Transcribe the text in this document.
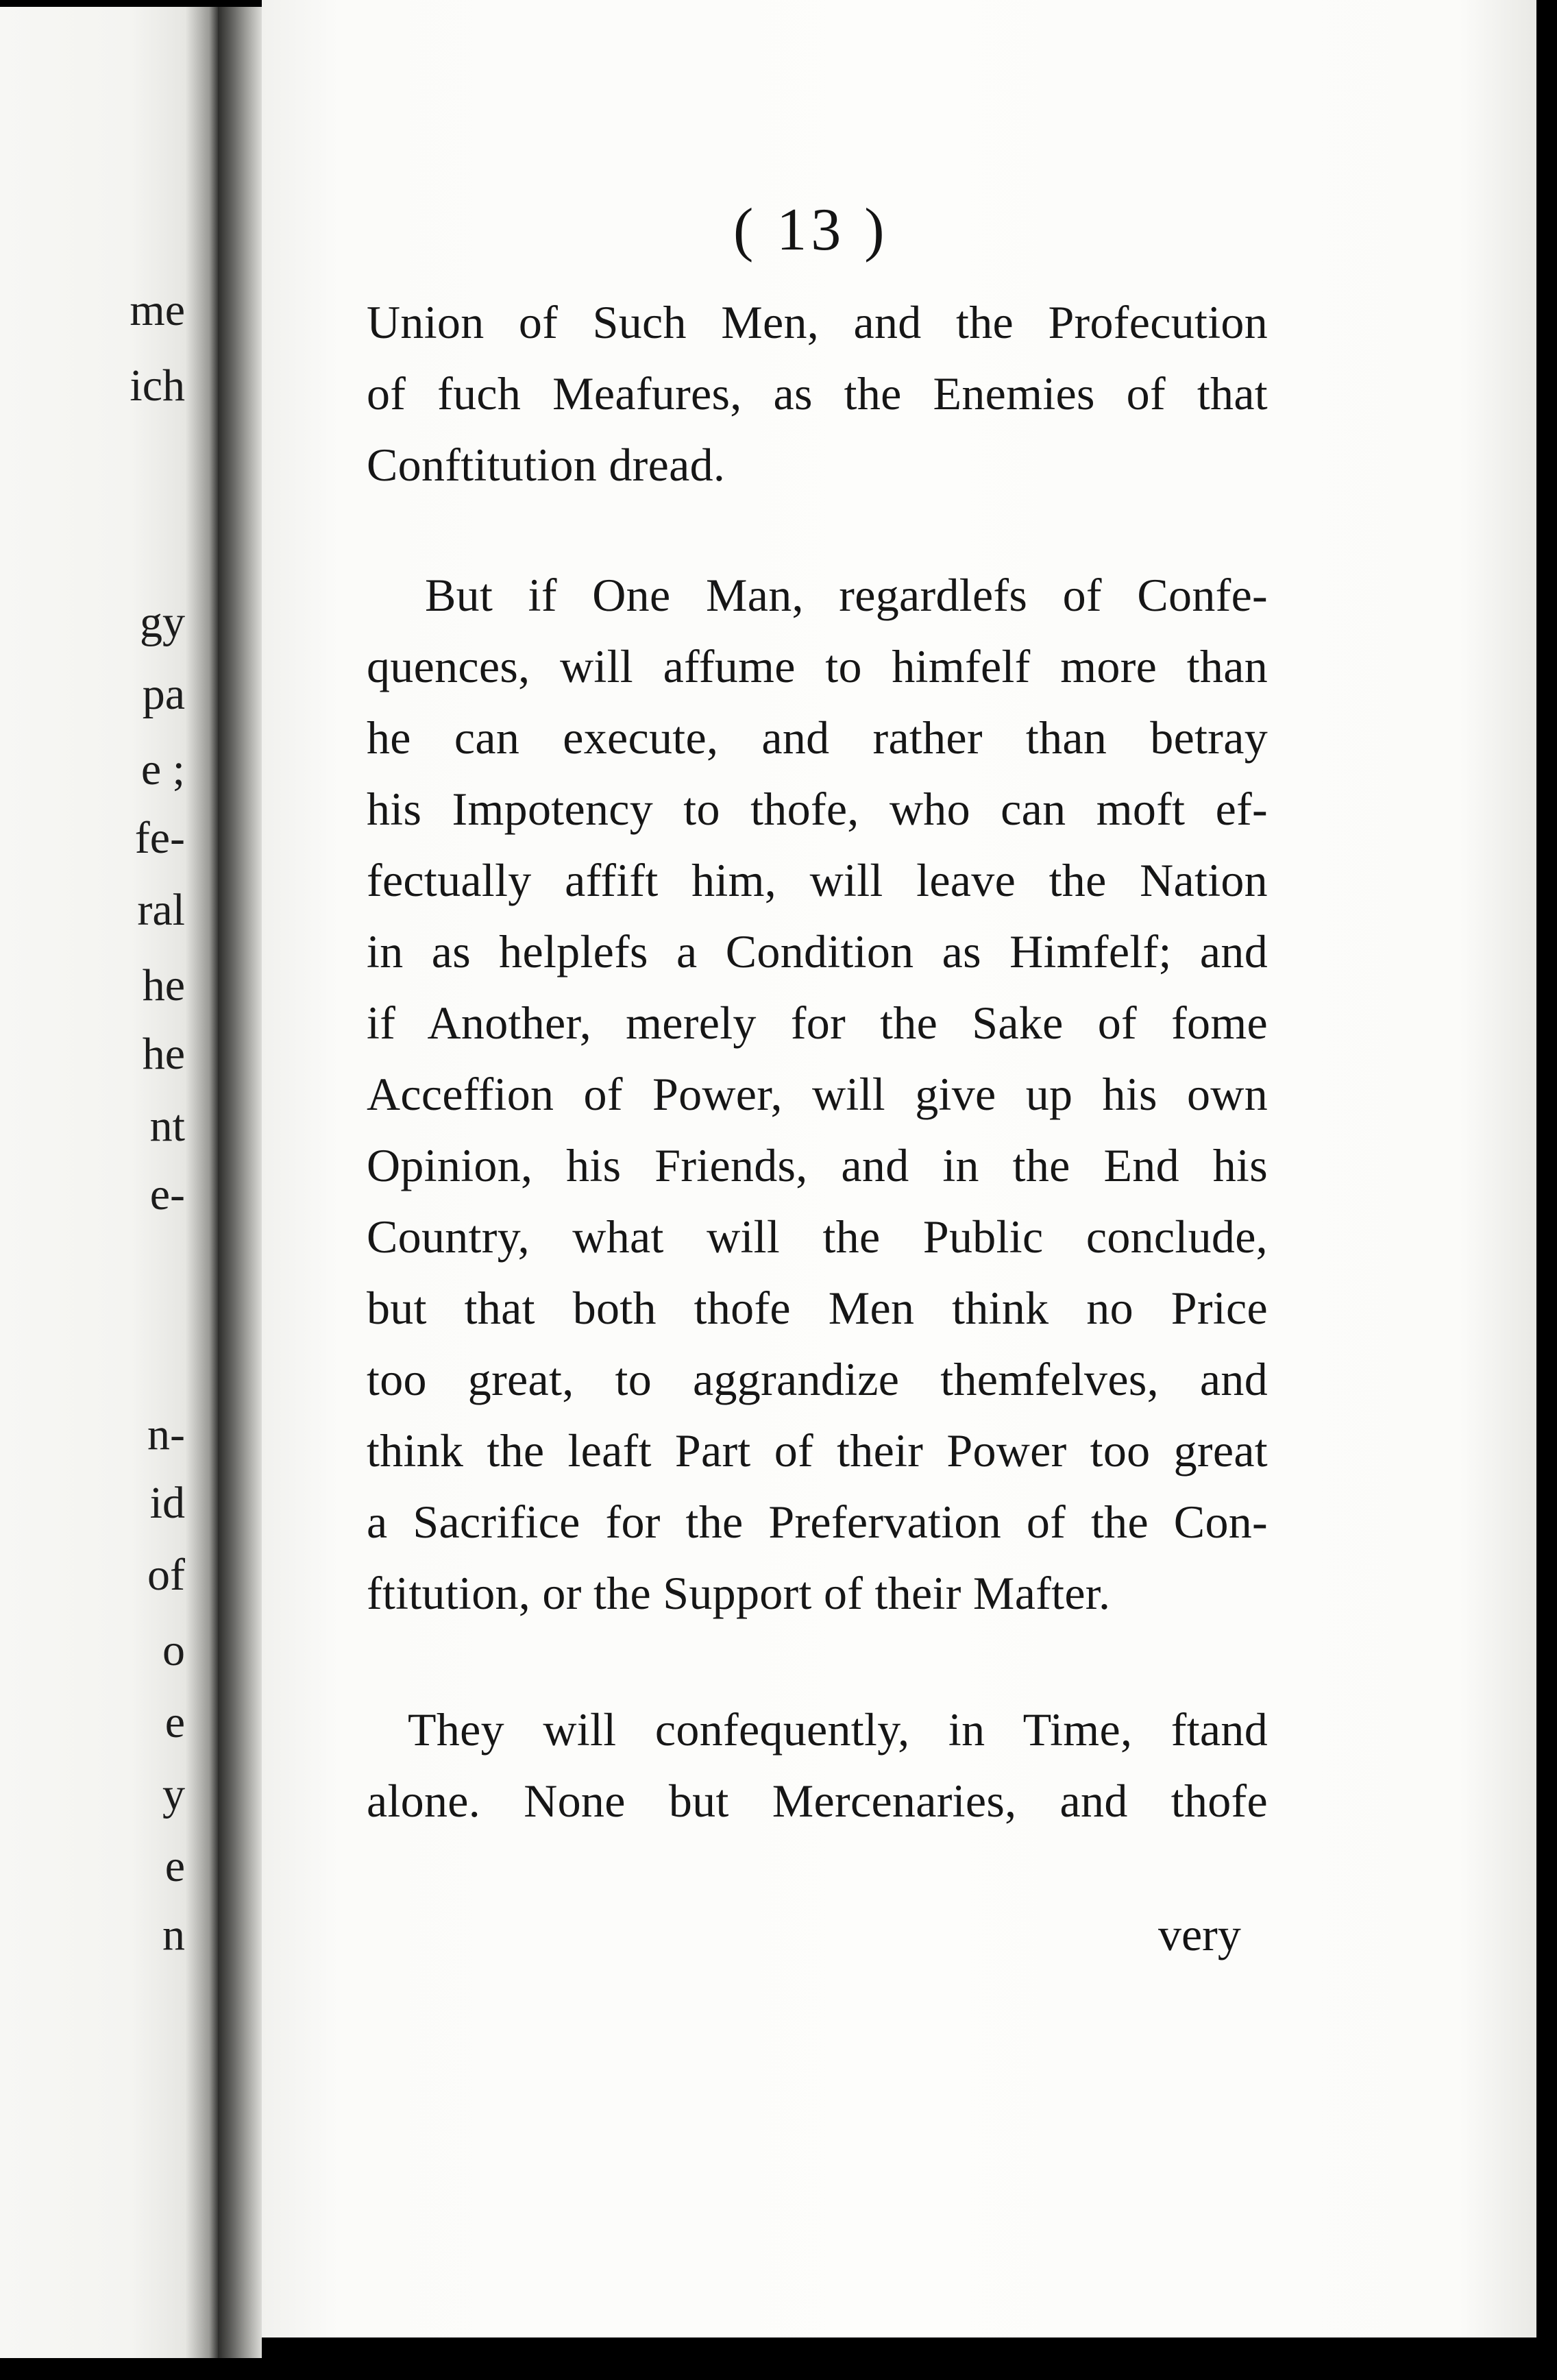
me
ich
gy
pa
e ;
fe-
ral
he
he
nt
e-
n-
id
of
o
e
y
e
n
( 13 )
Union of Such Men, and the Profecution
of fuch Meafures, as the Enemies of that
Conftitution dread.
But if One Man, regardlefs of Confe-
quences, will affume to himfelf more than
he can execute, and rather than betray
his Impotency to thofe, who can moft ef-
fectually affift him, will leave the Nation
in as helplefs a Condition as Himfelf; and
if Another, merely for the Sake of fome
Acceffion of Power, will give up his own
Opinion, his Friends, and in the End his
Country, what will the Public conclude,
but that both thofe Men think no Price
too great, to aggrandize themfelves, and
think the leaft Part of their Power too great
a Sacrifice for the Prefervation of the Con-
ftitution, or the Support of their Mafter.
They will confequently, in Time, ftand
alone. None but Mercenaries, and thofe
very
